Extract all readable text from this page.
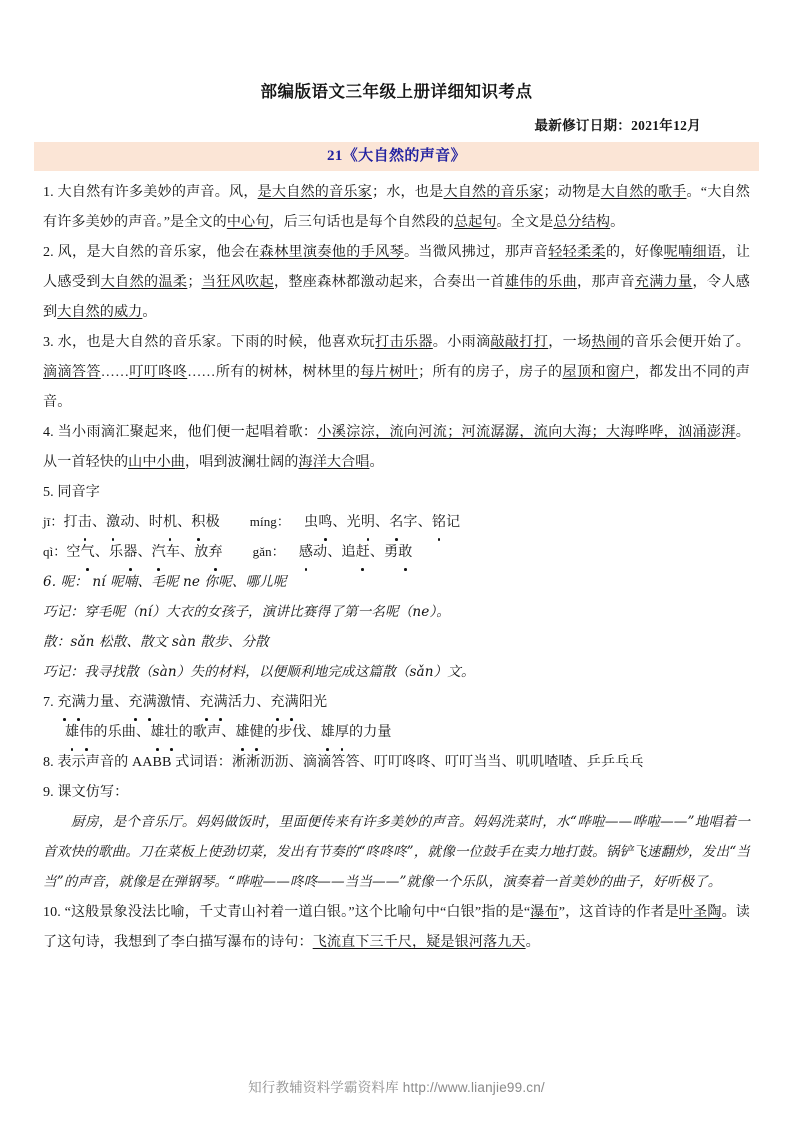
部编版语文三年级上册详细知识考点
最新修订日期：2021年12月
21《大自然的声音》

1. 大自然有许多美妙的声音。风，是大自然的音乐家；水，也是大自然的音乐家；动物是大自然的歌手。“大自然有许多美妙的声音。”是全文的中心句，后三句话也是每个自然段的总起句。全文是总分结构。

2. 风，是大自然的音乐家，他会在森林里演奏他的手风琴。当微风拂过，那声音轻轻柔柔的，好像呢喃细语，让人感受到大自然的温柔；当狂风吹起，整座森林都激动起来，合奏出一首雄伟的乐曲，那声音充满力量，令人感到大自然的威力。

3. 水，也是大自然的音乐家。下雨的时候，他喜欢玩打击乐器。小雨滴敲敲打打，一场热闹的音乐会便开始了。滴滴答答……叮叮咚咚……所有的树林，树林里的每片树叶；所有的房子，房子的屋顶和窗户，都发出不同的声音。

4. 当小雨滴汇聚起来，他们便一起唱着歌：小溪淙淙，流向河流；河流潺潺，流向大海；大海哗哗，汹涌澎湃。从一首轻快的山中小曲，唱到波澜壮阔的海洋大合唱。

5. 同音字

jī：打击、激动、时机、积极 míng： 虫鸣、光明、名字、铭记

qì：空气、乐器、汽车、放弃 gǎn： 感动、追赶、勇敢

6. 呢： ní 呢喃、毛呢 ne 你呢、哪儿呢

巧记：穿毛呢（ní）大衣的女孩子，演讲比赛得了第一名呢（ne）。

散：sǎn 松散、散文 sàn 散步、分散

巧记：我寻找散（sàn）失的材料，以便顺利地完成这篇散（sǎn）文。

7. 充满力量、充满激情、充满活力、充满阳光

雄伟的乐曲、雄壮的歌声、雄健的步伐、雄厚的力量

8. 表示声音的 AABB 式词语：淅淅沥沥、滴滴答答、叮叮咚咚、叮叮当当、叽叽喳喳、乒乒乓乓

9. 课文仿写：

厨房，是个音乐厅。妈妈做饭时，里面便传来有许多美妙的声音。妈妈洗菜时，水“哗啦——哗啦——”地唱着一首欢快的歌曲。刀在菜板上使劲切菜，发出有节奏的“咚咚咚”，就像一位鼓手在卖力地打鼓。锅铲飞速翻炒，发出“当当”的声音，就像是在弹钢琴。“哗啦——咚咚——当当——”就像一个乐队，演奏着一首美妙的曲子，好听极了。

10. “这般景象没法比喻，千丈青山衬着一道白银。”这个比喻句中“白银”指的是“瀑布”，这首诗的作者是叶圣陶。读了这句诗，我想到了李白描写瀑布的诗句：飞流直下三千尺，疑是银河落九天。

知行教辅资料学霸资料库 http://www.lianjie99.cn/
